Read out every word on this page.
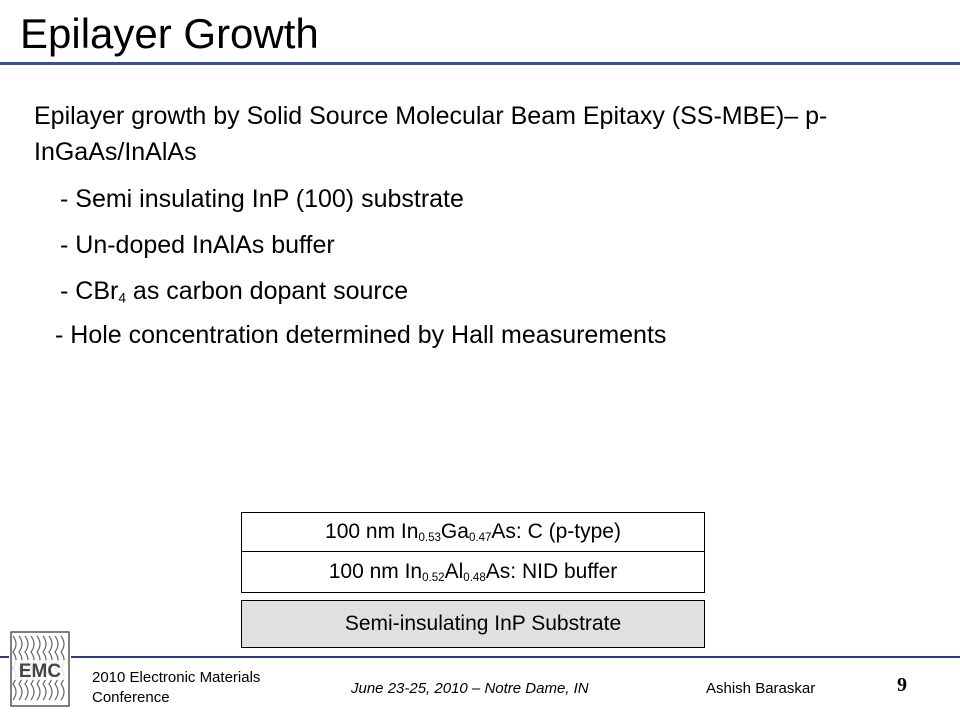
Epilayer Growth
Epilayer growth by Solid Source Molecular Beam Epitaxy (SS-MBE)– p-InGaAs/InAlAs
- Semi insulating InP (100) substrate
- Un-doped InAlAs buffer
- CBr$_4$ as carbon dopant source
- Hole concentration determined by Hall measurements
100 nm $In_{0.53}Ga_{0.47}As$: C (p-type)
100 nm $In_{0.52}Al_{0.48}As$: NID buffer
Semi-insulating InP Substrate
EMC 2010 Electronic Materials Conference
June 23-25, 2010 – Notre Dame, IN	Ashish Baraskar	9
